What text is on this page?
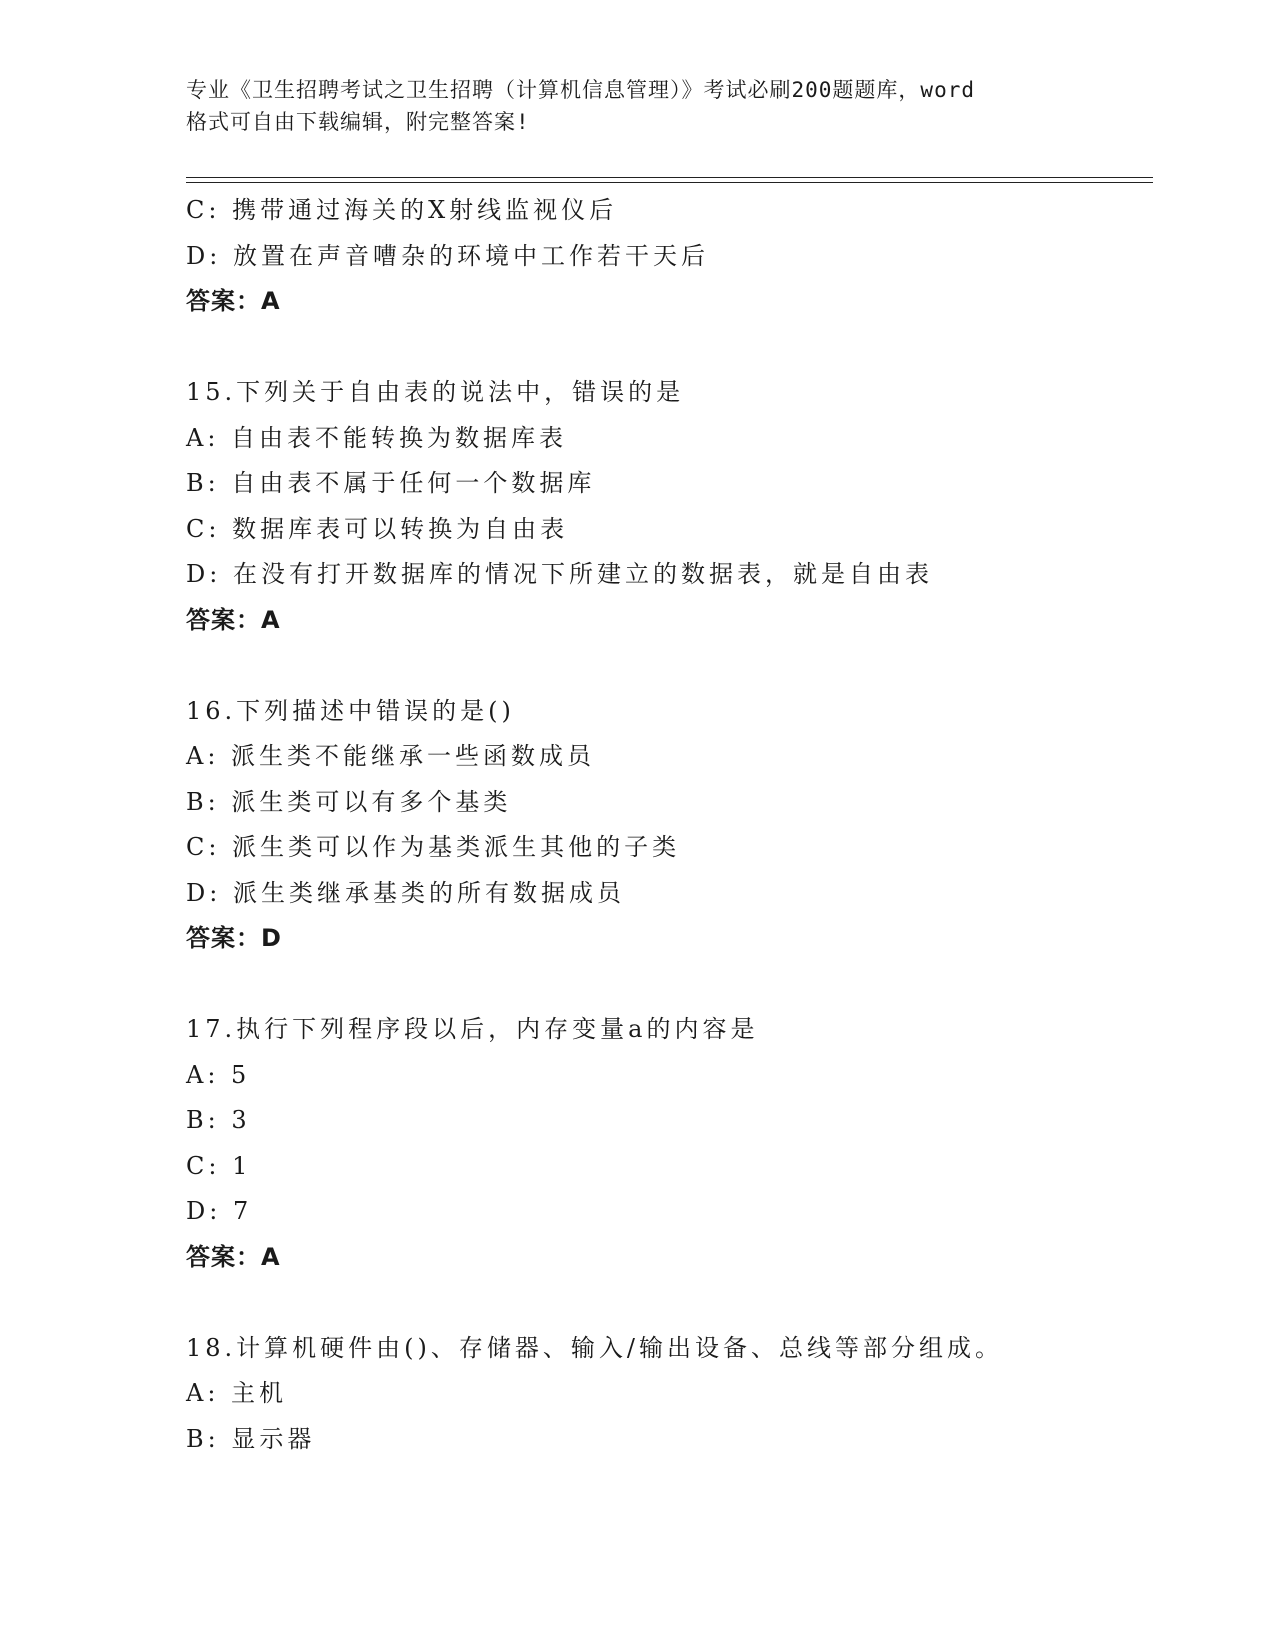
专业《卫生招聘考试之卫生招聘（计算机信息管理）》考试必刷200题题库，word
格式可自由下载编辑，附完整答案!
C: 携带通过海关的X射线监视仪后
D: 放置在声音嘈杂的环境中工作若干天后
答案：A
15.下列关于自由表的说法中，错误的是
A: 自由表不能转换为数据库表
B: 自由表不属于任何一个数据库
C: 数据库表可以转换为自由表
D: 在没有打开数据库的情况下所建立的数据表，就是自由表
答案：A
16.下列描述中错误的是()
A: 派生类不能继承一些函数成员
B: 派生类可以有多个基类
C: 派生类可以作为基类派生其他的子类
D: 派生类继承基类的所有数据成员
答案：D
17.执行下列程序段以后，内存变量a的内容是
A: 5
B: 3
C: 1
D: 7
答案：A
18.计算机硬件由()、存储器、输入/输出设备、总线等部分组成。
A: 主机
B: 显示器
